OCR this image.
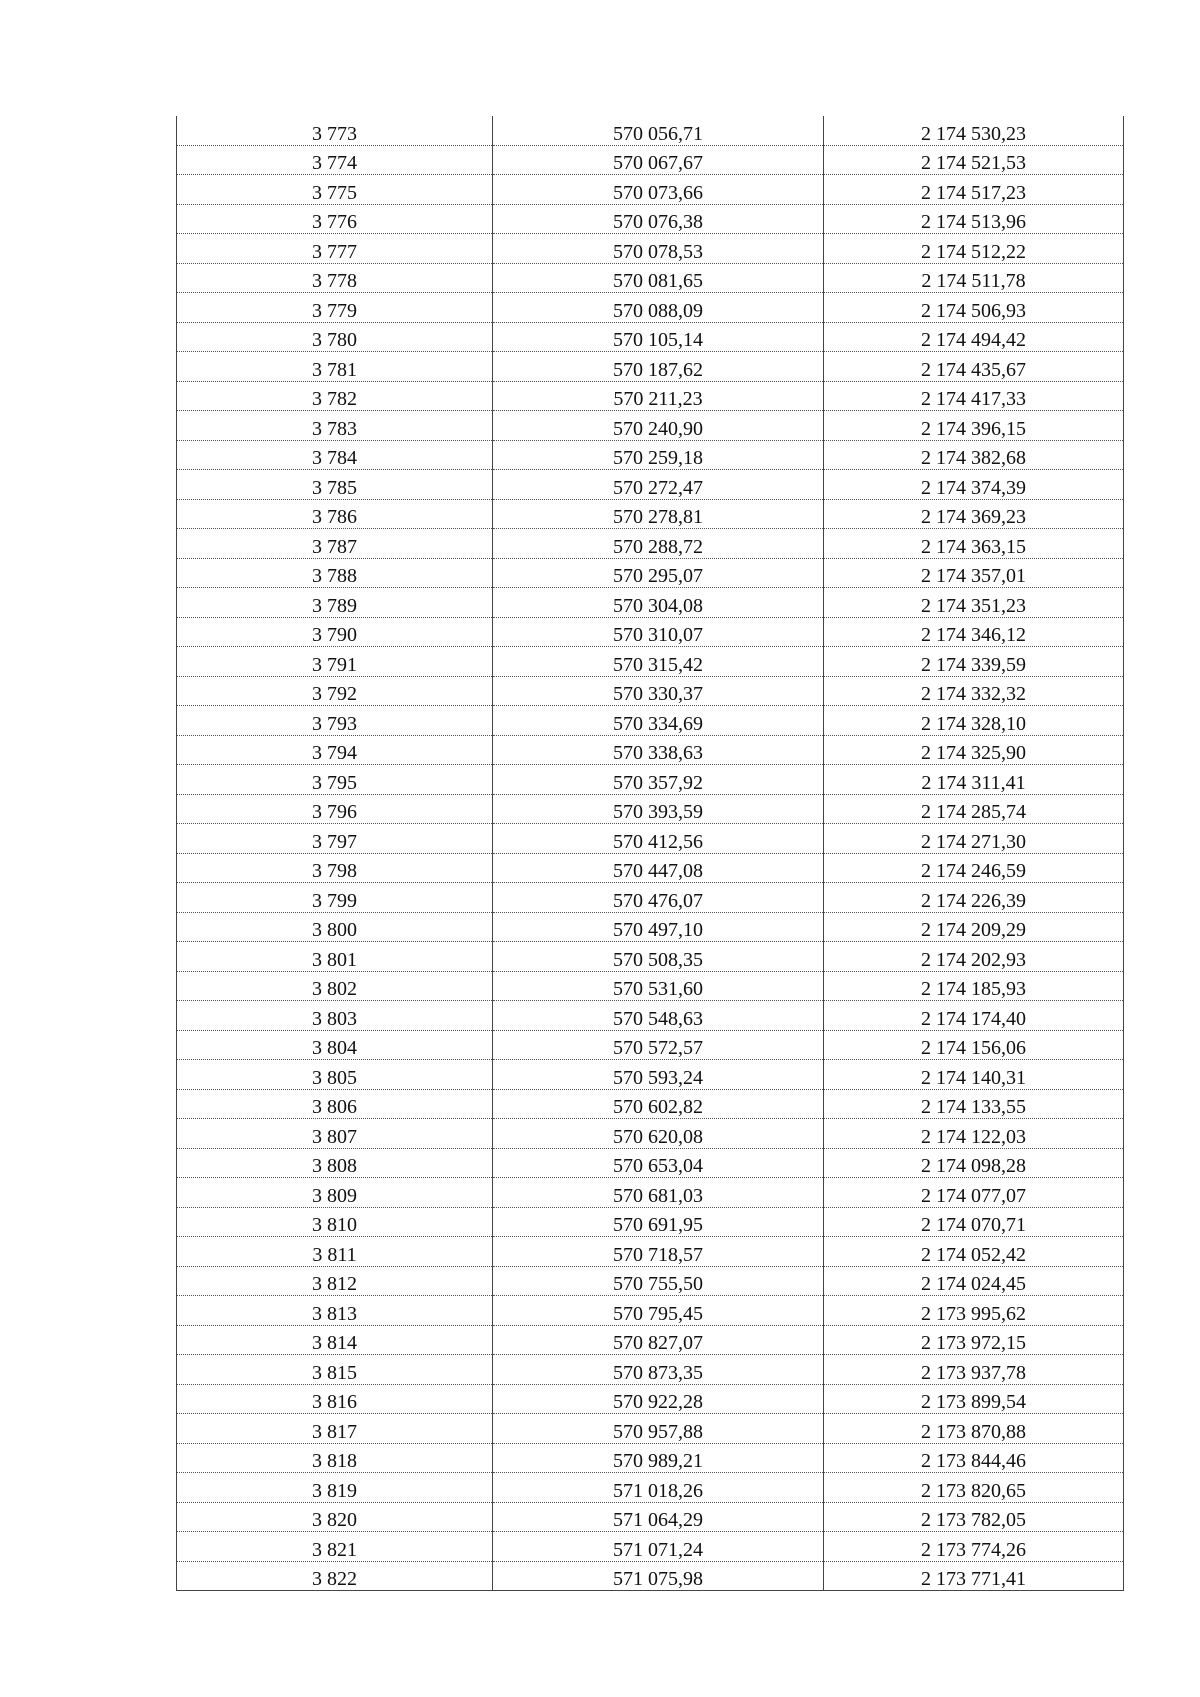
3 773	570 056,71	2 174 530,23
3 774	570 067,67	2 174 521,53
3 775	570 073,66	2 174 517,23
3 776	570 076,38	2 174 513,96
3 777	570 078,53	2 174 512,22
3 778	570 081,65	2 174 511,78
3 779	570 088,09	2 174 506,93
3 780	570 105,14	2 174 494,42
3 781	570 187,62	2 174 435,67
3 782	570 211,23	2 174 417,33
3 783	570 240,90	2 174 396,15
3 784	570 259,18	2 174 382,68
3 785	570 272,47	2 174 374,39
3 786	570 278,81	2 174 369,23
3 787	570 288,72	2 174 363,15
3 788	570 295,07	2 174 357,01
3 789	570 304,08	2 174 351,23
3 790	570 310,07	2 174 346,12
3 791	570 315,42	2 174 339,59
3 792	570 330,37	2 174 332,32
3 793	570 334,69	2 174 328,10
3 794	570 338,63	2 174 325,90
3 795	570 357,92	2 174 311,41
3 796	570 393,59	2 174 285,74
3 797	570 412,56	2 174 271,30
3 798	570 447,08	2 174 246,59
3 799	570 476,07	2 174 226,39
3 800	570 497,10	2 174 209,29
3 801	570 508,35	2 174 202,93
3 802	570 531,60	2 174 185,93
3 803	570 548,63	2 174 174,40
3 804	570 572,57	2 174 156,06
3 805	570 593,24	2 174 140,31
3 806	570 602,82	2 174 133,55
3 807	570 620,08	2 174 122,03
3 808	570 653,04	2 174 098,28
3 809	570 681,03	2 174 077,07
3 810	570 691,95	2 174 070,71
3 811	570 718,57	2 174 052,42
3 812	570 755,50	2 174 024,45
3 813	570 795,45	2 173 995,62
3 814	570 827,07	2 173 972,15
3 815	570 873,35	2 173 937,78
3 816	570 922,28	2 173 899,54
3 817	570 957,88	2 173 870,88
3 818	570 989,21	2 173 844,46
3 819	571 018,26	2 173 820,65
3 820	571 064,29	2 173 782,05
3 821	571 071,24	2 173 774,26
3 822	571 075,98	2 173 771,41
